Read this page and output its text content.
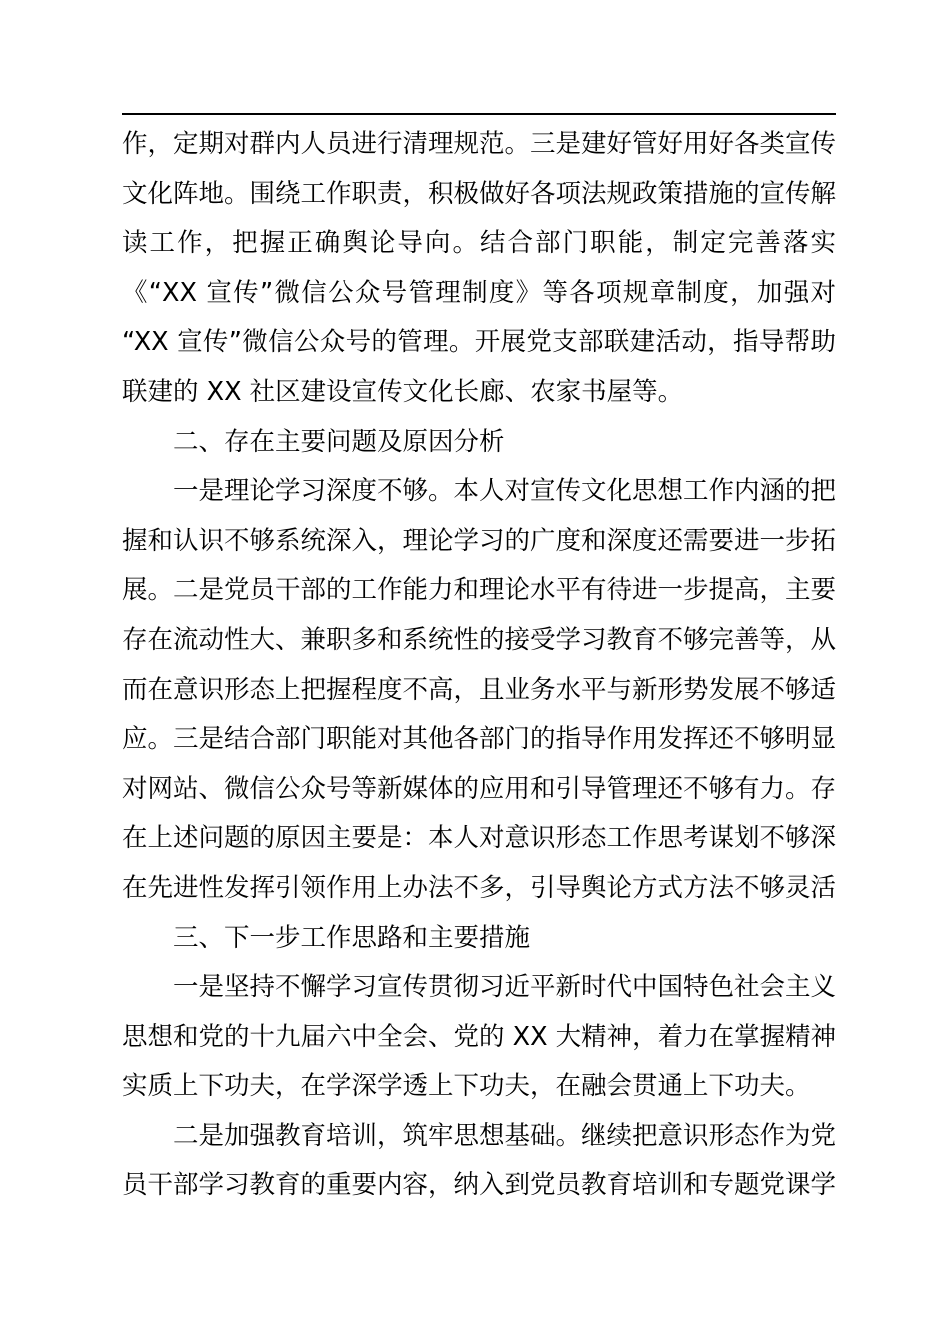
作，定期对群内人员进行清理规范。三是建好管好用好各类宣传
文化阵地。围绕工作职责，积极做好各项法规政策措施的宣传解
读工作，把握正确舆论导向。结合部门职能，制定完善落实
《“XX 宣传”微信公众号管理制度》等各项规章制度，加强对
“XX 宣传”微信公众号的管理。开展党支部联建活动，指导帮助
联建的 XX 社区建设宣传文化长廊、农家书屋等。
二、存在主要问题及原因分析
一是理论学习深度不够。本人对宣传文化思想工作内涵的把
握和认识不够系统深入，理论学习的广度和深度还需要进一步拓
展。二是党员干部的工作能力和理论水平有待进一步提高，主要
存在流动性大、兼职多和系统性的接受学习教育不够完善等，从
而在意识形态上把握程度不高，且业务水平与新形势发展不够适
应。三是结合部门职能对其他各部门的指导作用发挥还不够明显
对网站、微信公众号等新媒体的应用和引导管理还不够有力。存
在上述问题的原因主要是：本人对意识形态工作思考谋划不够深
在先进性发挥引领作用上办法不多，引导舆论方式方法不够灵活
三、下一步工作思路和主要措施
一是坚持不懈学习宣传贯彻习近平新时代中国特色社会主义
思想和党的十九届六中全会、党的 XX 大精神，着力在掌握精神
实质上下功夫，在学深学透上下功夫，在融会贯通上下功夫。
二是加强教育培训，筑牢思想基础。继续把意识形态作为党
员干部学习教育的重要内容，纳入到党员教育培训和专题党课学
